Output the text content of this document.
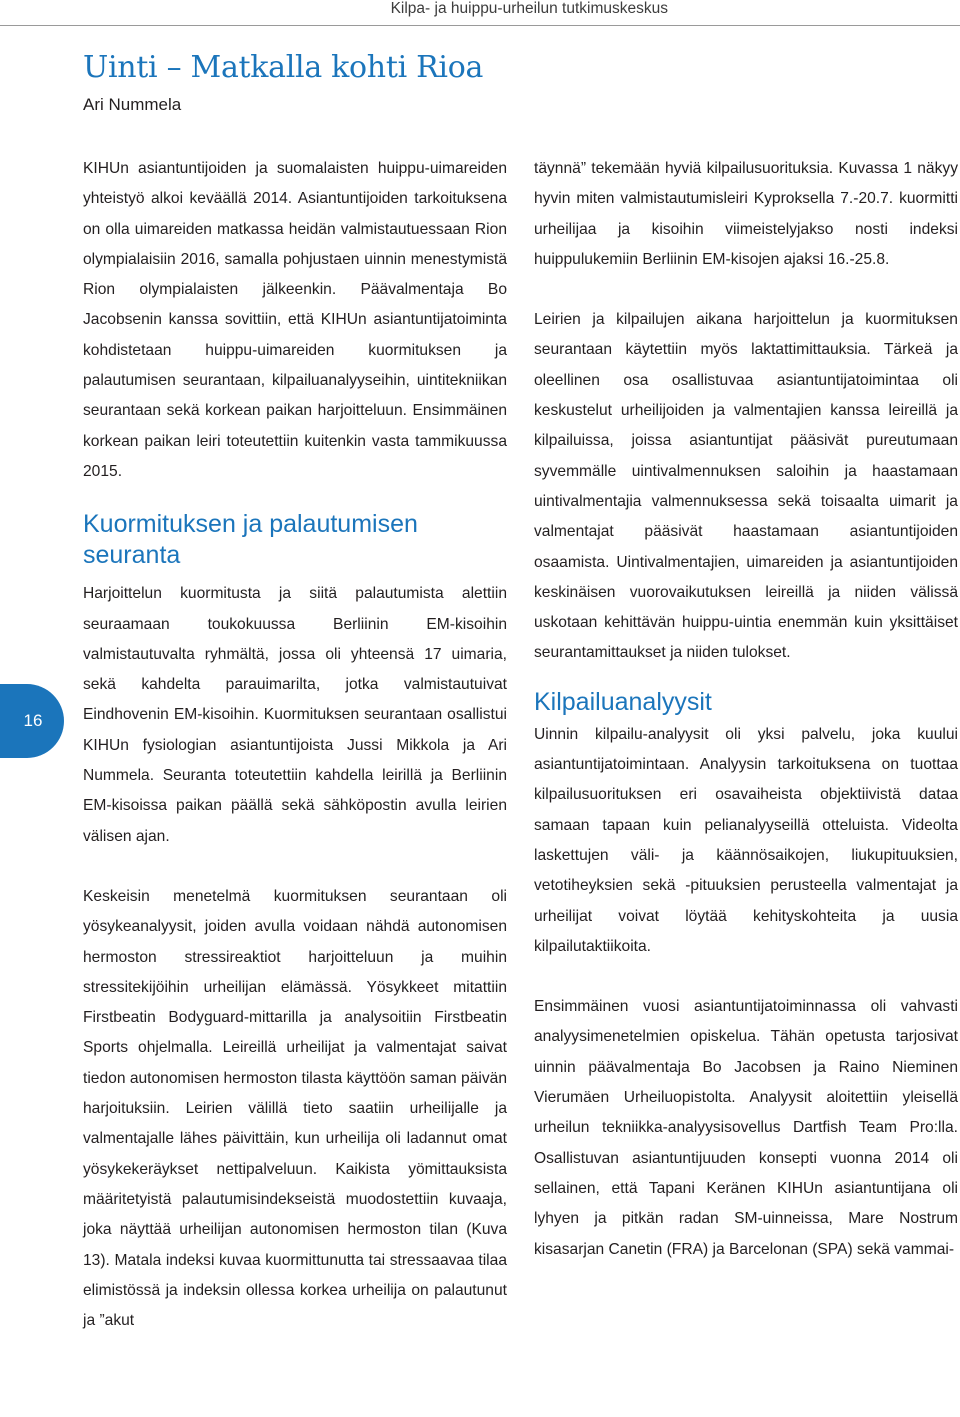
Kilpa- ja huippu-urheilun tutkimuskeskus
Uinti – Matkalla kohti Rioa
Ari Nummela
16

KIHUn asiantuntijoiden ja suomalaisten huippu-uimareiden yhteistyö alkoi keväällä 2014. Asiantuntijoiden tarkoituksena on olla uimareiden matkassa heidän valmistautuessaan Rion olympialaisiin 2016, samalla pohjustaen uinnin menestymistä Rion olympialaisten jälkeenkin. Päävalmentaja Bo Jacobsenin kanssa sovittiin, että KIHUn asiantuntijatoiminta kohdistetaan huippu-uimareiden kuormituksen ja palautumisen seurantaan, kilpailuanalyyseihin, uintitekniikan seurantaan sekä korkean paikan harjoitteluun. Ensimmäinen korkean paikan leiri toteutettiin kuitenkin vasta tammikuussa 2015.

Kuormituksen ja palautumisen seuranta

Harjoittelun kuormitusta ja siitä palautumista alettiin seuraamaan toukokuussa Berliinin EM-kisoihin valmistautuvalta ryhmältä, jossa oli yhteensä 17 uimaria, sekä kahdelta parauimarilta, jotka valmistautuivat Eindhovenin EM-kisoihin. Kuormituksen seurantaan osallistui KIHUn fysiologian asiantuntijoista Jussi Mikkola ja Ari Nummela. Seuranta toteutettiin kahdella leirillä ja Berliinin EM-kisoissa paikan päällä sekä sähköpostin avulla leirien välisen ajan.

Keskeisin menetelmä kuormituksen seurantaan oli yösykeanalyysit, joiden avulla voidaan nähdä autonomisen hermoston stressireaktiot harjoitteluun ja muihin stressitekijöihin urheilijan elämässä. Yösykkeet mitattiin Firstbeatin Bodyguard-mittarilla ja analysoitiin Firstbeatin Sports ohjelmalla. Leireillä urheilijat ja valmentajat saivat tiedon autonomisen hermoston tilasta käyttöön saman päivän harjoituksiin. Leirien välillä tieto saatiin urheilijalle ja valmentajalle lähes päivittäin, kun urheilija oli ladannut omat yösykekeräykset nettipalveluun. Kaikista yömittauksista määritetyistä palautumisindekseistä muodostettiin kuvaaja, joka näyttää urheilijan autonomisen hermoston tilan (Kuva 13). Matala indeksi kuvaa kuormittunutta tai stressaavaa tilaa elimistössä ja indeksin ollessa korkea urheilija on palautunut ja ”akut

täynnä” tekemään hyviä kilpailusuorituksia. Kuvassa 1 näkyy hyvin miten valmistautumisleiri Kyproksella 7.-20.7. kuormitti urheilijaa ja kisoihin viimeistelyjakso nosti indeksi huippulukemiin Berliinin EM-kisojen ajaksi 16.-25.8.

Leirien ja kilpailujen aikana harjoittelun ja kuormituksen seurantaan käytettiin myös laktattimittauksia. Tärkeä ja oleellinen osa osallistuvaa asiantuntijatoimintaa oli keskustelut urheilijoiden ja valmentajien kanssa leireillä ja kilpailuissa, joissa asiantuntijat pääsivät pureutumaan syvemmälle uintivalmennuksen saloihin ja haastamaan uintivalmentajia valmennuksessa sekä toisaalta uimarit ja valmentajat pääsivät haastamaan asiantuntijoiden osaamista. Uintivalmentajien, uimareiden ja asiantuntijoiden keskinäisen vuorovaikutuksen leireillä ja niiden välissä uskotaan kehittävän huippu-uintia enemmän kuin yksittäiset seurantamittaukset ja niiden tulokset.

Kilpailuanalyysit

Uinnin kilpailu-analyysit oli yksi palvelu, joka kuului asiantuntijatoimintaan. Analyysin tarkoituksena on tuottaa kilpailusuorituksen eri osavaiheista objektiivistä dataa samaan tapaan kuin pelianalyyseillä otteluista. Videolta laskettujen väli- ja käännösaikojen, liukupituuksien, vetotiheyksien sekä -pituuksien perusteella valmentajat ja urheilijat voivat löytää kehityskohteita ja uusia kilpailutaktiikoita.

Ensimmäinen vuosi asiantuntijatoiminnassa oli vahvasti analyysimenetelmien opiskelua. Tähän opetusta tarjosivat uinnin päävalmentaja Bo Jacobsen ja Raino Nieminen Vierumäen Urheiluopistolta. Analyysit aloitettiin yleisellä urheilun tekniikka-analyysisovellus Dartfish Team Pro:lla. Osallistuvan asiantuntijuuden konsepti vuonna 2014 oli sellainen, että Tapani Keränen KIHUn asiantuntijana oli lyhyen ja pitkän radan SM-uinneissa, Mare Nostrum kisasarjan Canetin (FRA) ja Barcelonan (SPA) sekä vammai-
